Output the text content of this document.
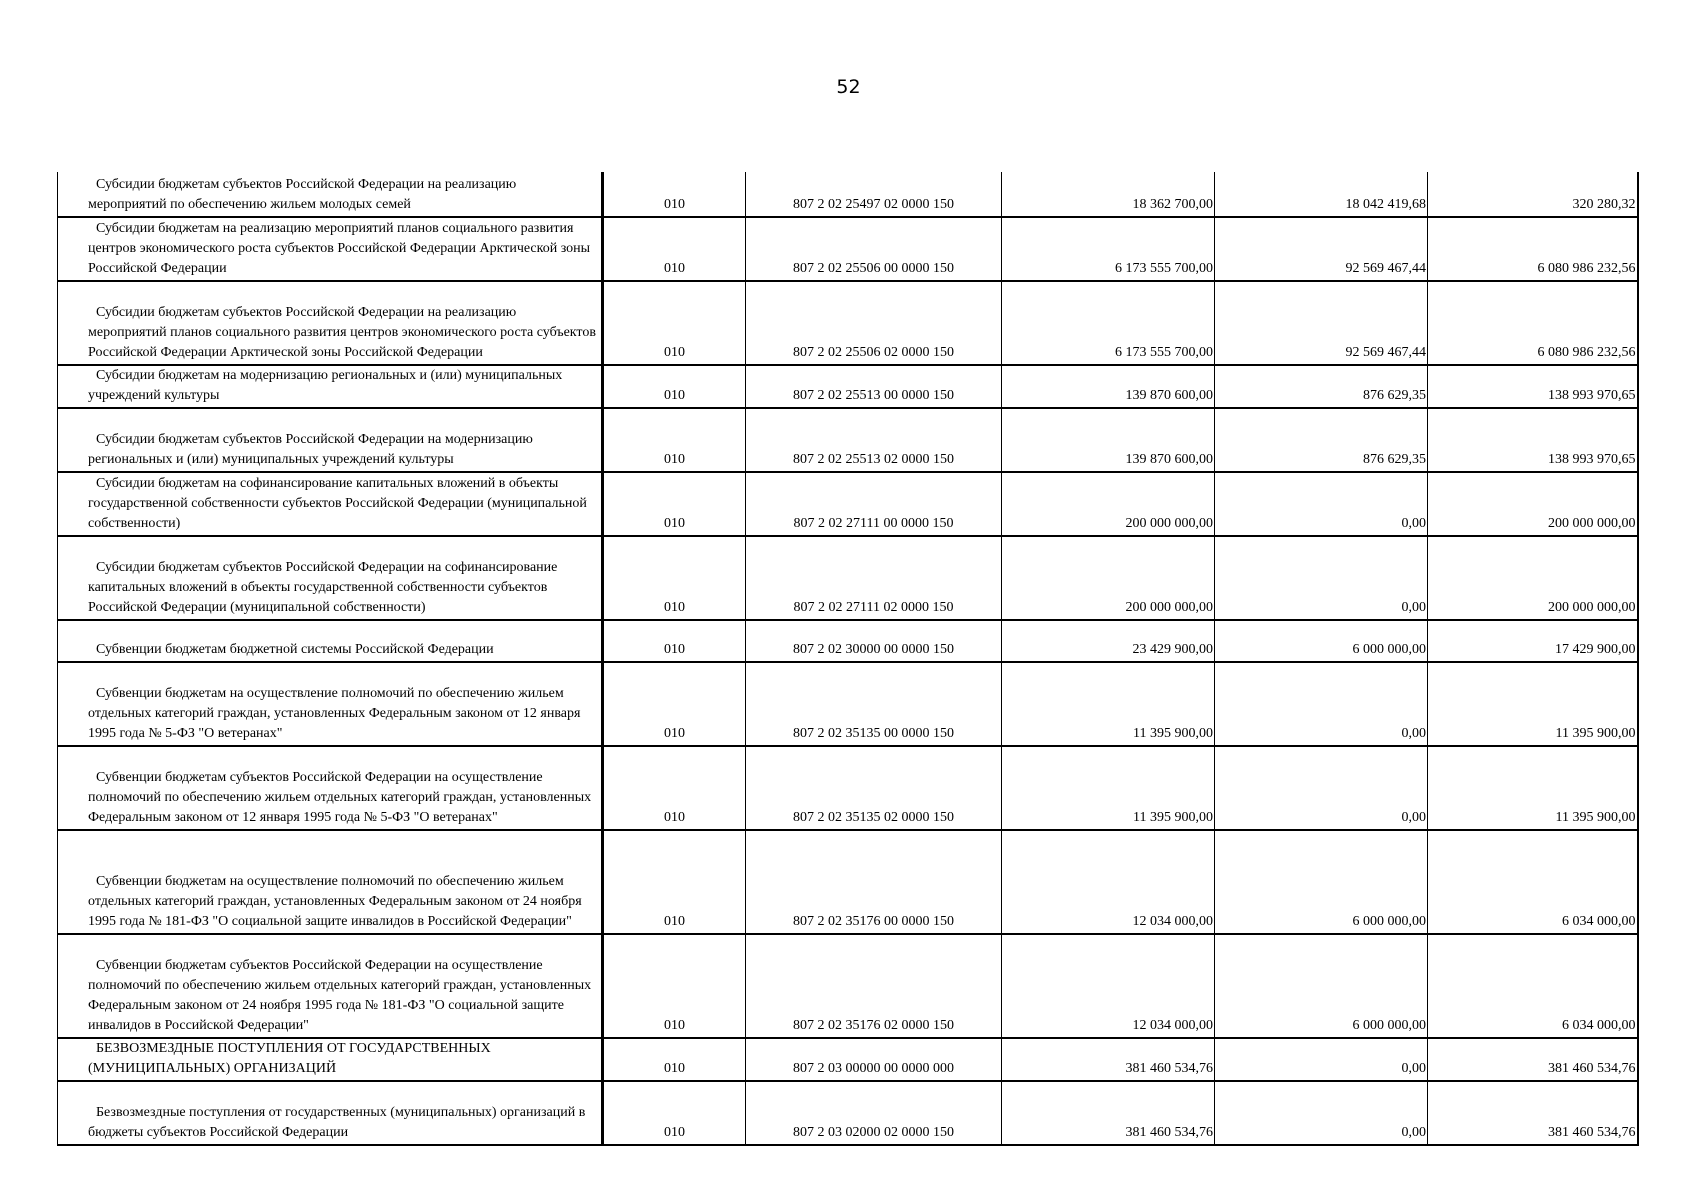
52
Субсидии бюджетам субъектов Российской Федерации на реализацию мероприятий по обеспечению жильем молодых семей	010	807 2 02 25497 02 0000 150	18 362 700,00	18 042 419,68	320 280,32
Субсидии бюджетам на реализацию мероприятий планов социального развития центров экономического роста субъектов Российской Федерации Арктической зоны Российской Федерации	010	807 2 02 25506 00 0000 150	6 173 555 700,00	92 569 467,44	6 080 986 232,56
Субсидии бюджетам субъектов Российской Федерации на реализацию мероприятий планов социального развития центров экономического роста субъектов Российской Федерации Арктической зоны Российской Федерации	010	807 2 02 25506 02 0000 150	6 173 555 700,00	92 569 467,44	6 080 986 232,56
Субсидии бюджетам на модернизацию региональных и (или) муниципальных учреждений культуры	010	807 2 02 25513 00 0000 150	139 870 600,00	876 629,35	138 993 970,65
Субсидии бюджетам субъектов Российской Федерации на модернизацию региональных и (или) муниципальных учреждений культуры	010	807 2 02 25513 02 0000 150	139 870 600,00	876 629,35	138 993 970,65
Субсидии бюджетам на софинансирование капитальных вложений в объекты государственной собственности субъектов Российской Федерации (муниципальной собственности)	010	807 2 02 27111 00 0000 150	200 000 000,00	0,00	200 000 000,00
Субсидии бюджетам субъектов Российской Федерации на софинансирование капитальных вложений в объекты государственной собственности субъектов Российской Федерации (муниципальной собственности)	010	807 2 02 27111 02 0000 150	200 000 000,00	0,00	200 000 000,00
Субвенции бюджетам бюджетной системы Российской Федерации	010	807 2 02 30000 00 0000 150	23 429 900,00	6 000 000,00	17 429 900,00
Субвенции бюджетам на осуществление полномочий по обеспечению жильем отдельных категорий граждан, установленных Федеральным законом от 12 января 1995 года № 5-ФЗ "О ветеранах"	010	807 2 02 35135 00 0000 150	11 395 900,00	0,00	11 395 900,00
Субвенции бюджетам субъектов Российской Федерации на осуществление полномочий по обеспечению жильем отдельных категорий граждан, установленных Федеральным законом от 12 января 1995 года № 5-ФЗ "О ветеранах"	010	807 2 02 35135 02 0000 150	11 395 900,00	0,00	11 395 900,00
Субвенции бюджетам на осуществление полномочий по обеспечению жильем отдельных категорий граждан, установленных Федеральным законом от 24 ноября 1995 года № 181-ФЗ "О социальной защите инвалидов в Российской Федерации"	010	807 2 02 35176 00 0000 150	12 034 000,00	6 000 000,00	6 034 000,00
Субвенции бюджетам субъектов Российской Федерации на осуществление полномочий по обеспечению жильем отдельных категорий граждан, установленных Федеральным законом от 24 ноября 1995 года № 181-ФЗ "О социальной защите инвалидов в Российской Федерации"	010	807 2 02 35176 02 0000 150	12 034 000,00	6 000 000,00	6 034 000,00
БЕЗВОЗМЕЗДНЫЕ ПОСТУПЛЕНИЯ ОТ ГОСУДАРСТВЕННЫХ (МУНИЦИПАЛЬНЫХ) ОРГАНИЗАЦИЙ	010	807 2 03 00000 00 0000 000	381 460 534,76	0,00	381 460 534,76
Безвозмездные поступления от государственных (муниципальных) организаций в бюджеты субъектов Российской Федерации	010	807 2 03 02000 02 0000 150	381 460 534,76	0,00	381 460 534,76
